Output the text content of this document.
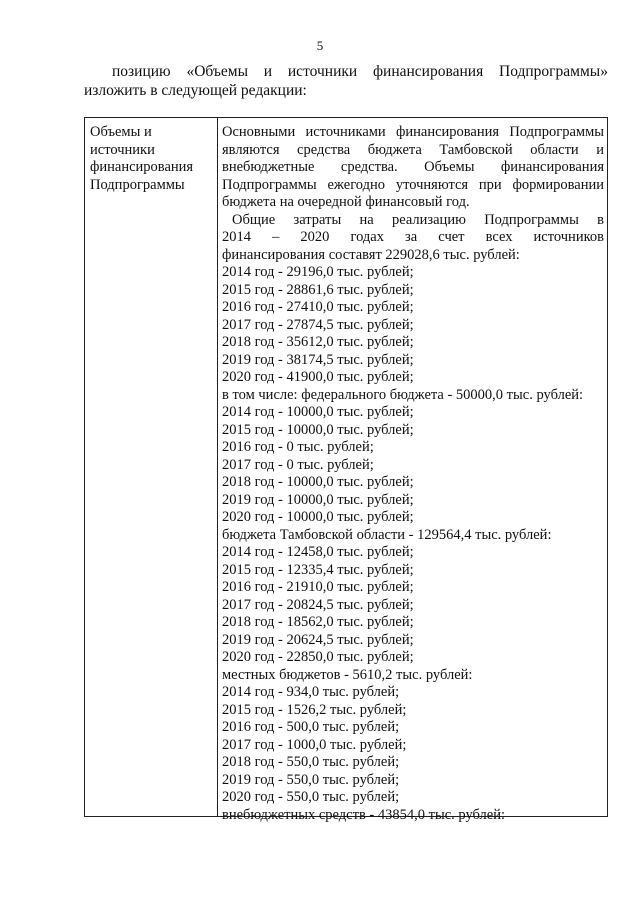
5
позицию «Объемы и источники финансирования Подпрограммы»
изложить в следующей редакции:
Объемы и
источники
финансирования
Подпрограммы
Основными источниками финансирования Подпрограммы являются средства бюджета Тамбовской области и внебюджетные средства. Объемы финансирования Подпрограммы ежегодно уточняются при формировании бюджета на очередной финансовый год.
Общие затраты на реализацию Подпрограммы в
2014 – 2020 годах за счет всех источников
финансирования составят 229028,6 тыс. рублей:
2014 год - 29196,0 тыс. рублей;
2015 год - 28861,6 тыс. рублей;
2016 год - 27410,0 тыс. рублей;
2017 год - 27874,5 тыс. рублей;
2018 год - 35612,0 тыс. рублей;
2019 год - 38174,5 тыс. рублей;
2020 год - 41900,0 тыс. рублей;
в том числе: федерального бюджета - 50000,0 тыс. рублей:
2014 год - 10000,0 тыс. рублей;
2015 год - 10000,0 тыс. рублей;
2016 год - 0 тыс. рублей;
2017 год - 0 тыс. рублей;
2018 год - 10000,0 тыс. рублей;
2019 год - 10000,0 тыс. рублей;
2020 год - 10000,0 тыс. рублей;
бюджета Тамбовской области - 129564,4 тыс. рублей:
2014 год - 12458,0 тыс. рублей;
2015 год - 12335,4 тыс. рублей;
2016 год - 21910,0 тыс. рублей;
2017 год - 20824,5 тыс. рублей;
2018 год - 18562,0 тыс. рублей;
2019 год - 20624,5 тыс. рублей;
2020 год - 22850,0 тыс. рублей;
местных бюджетов - 5610,2 тыс. рублей:
2014 год - 934,0 тыс. рублей;
2015 год - 1526,2 тыс. рублей;
2016 год - 500,0 тыс. рублей;
2017 год - 1000,0 тыс. рублей;
2018 год - 550,0 тыс. рублей;
2019 год - 550,0 тыс. рублей;
2020 год - 550,0 тыс. рублей;
внебюджетных средств - 43854,0 тыс. рублей:
